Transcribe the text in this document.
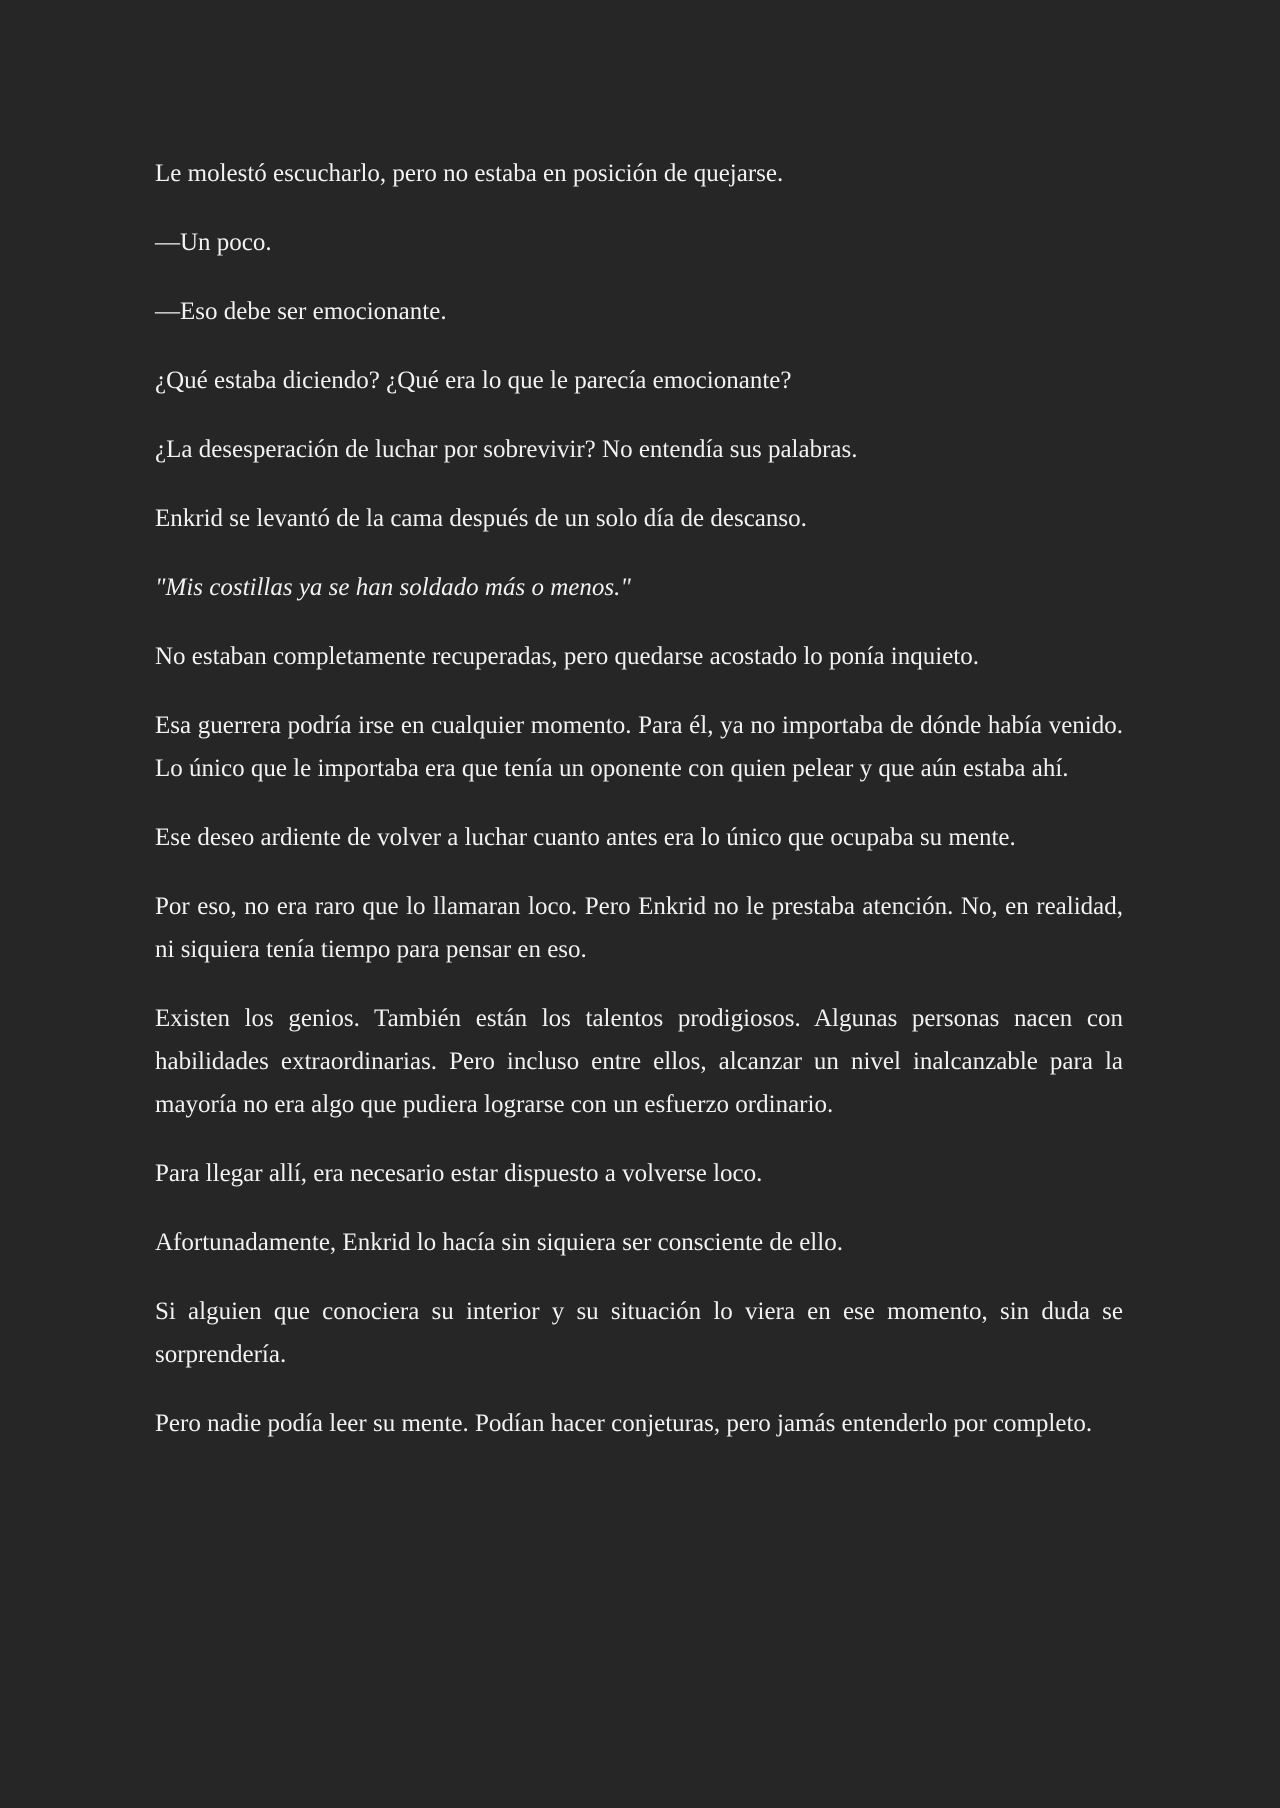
Le molestó escucharlo, pero no estaba en posición de quejarse.

—Un poco.

—Eso debe ser emocionante.

¿Qué estaba diciendo? ¿Qué era lo que le parecía emocionante?

¿La desesperación de luchar por sobrevivir? No entendía sus palabras.

Enkrid se levantó de la cama después de un solo día de descanso.

"Mis costillas ya se han soldado más o menos."

No estaban completamente recuperadas, pero quedarse acostado lo ponía inquieto.

Esa guerrera podría irse en cualquier momento. Para él, ya no importaba de dónde había venido. Lo único que le importaba era que tenía un oponente con quien pelear y que aún estaba ahí.

Ese deseo ardiente de volver a luchar cuanto antes era lo único que ocupaba su mente.

Por eso, no era raro que lo llamaran loco. Pero Enkrid no le prestaba atención. No, en realidad, ni siquiera tenía tiempo para pensar en eso.

Existen los genios. También están los talentos prodigiosos. Algunas personas nacen con habilidades extraordinarias. Pero incluso entre ellos, alcanzar un nivel inalcanzable para la mayoría no era algo que pudiera lograrse con un esfuerzo ordinario.

Para llegar allí, era necesario estar dispuesto a volverse loco.

Afortunadamente, Enkrid lo hacía sin siquiera ser consciente de ello.

Si alguien que conociera su interior y su situación lo viera en ese momento, sin duda se sorprendería.

Pero nadie podía leer su mente. Podían hacer conjeturas, pero jamás entenderlo por completo.
